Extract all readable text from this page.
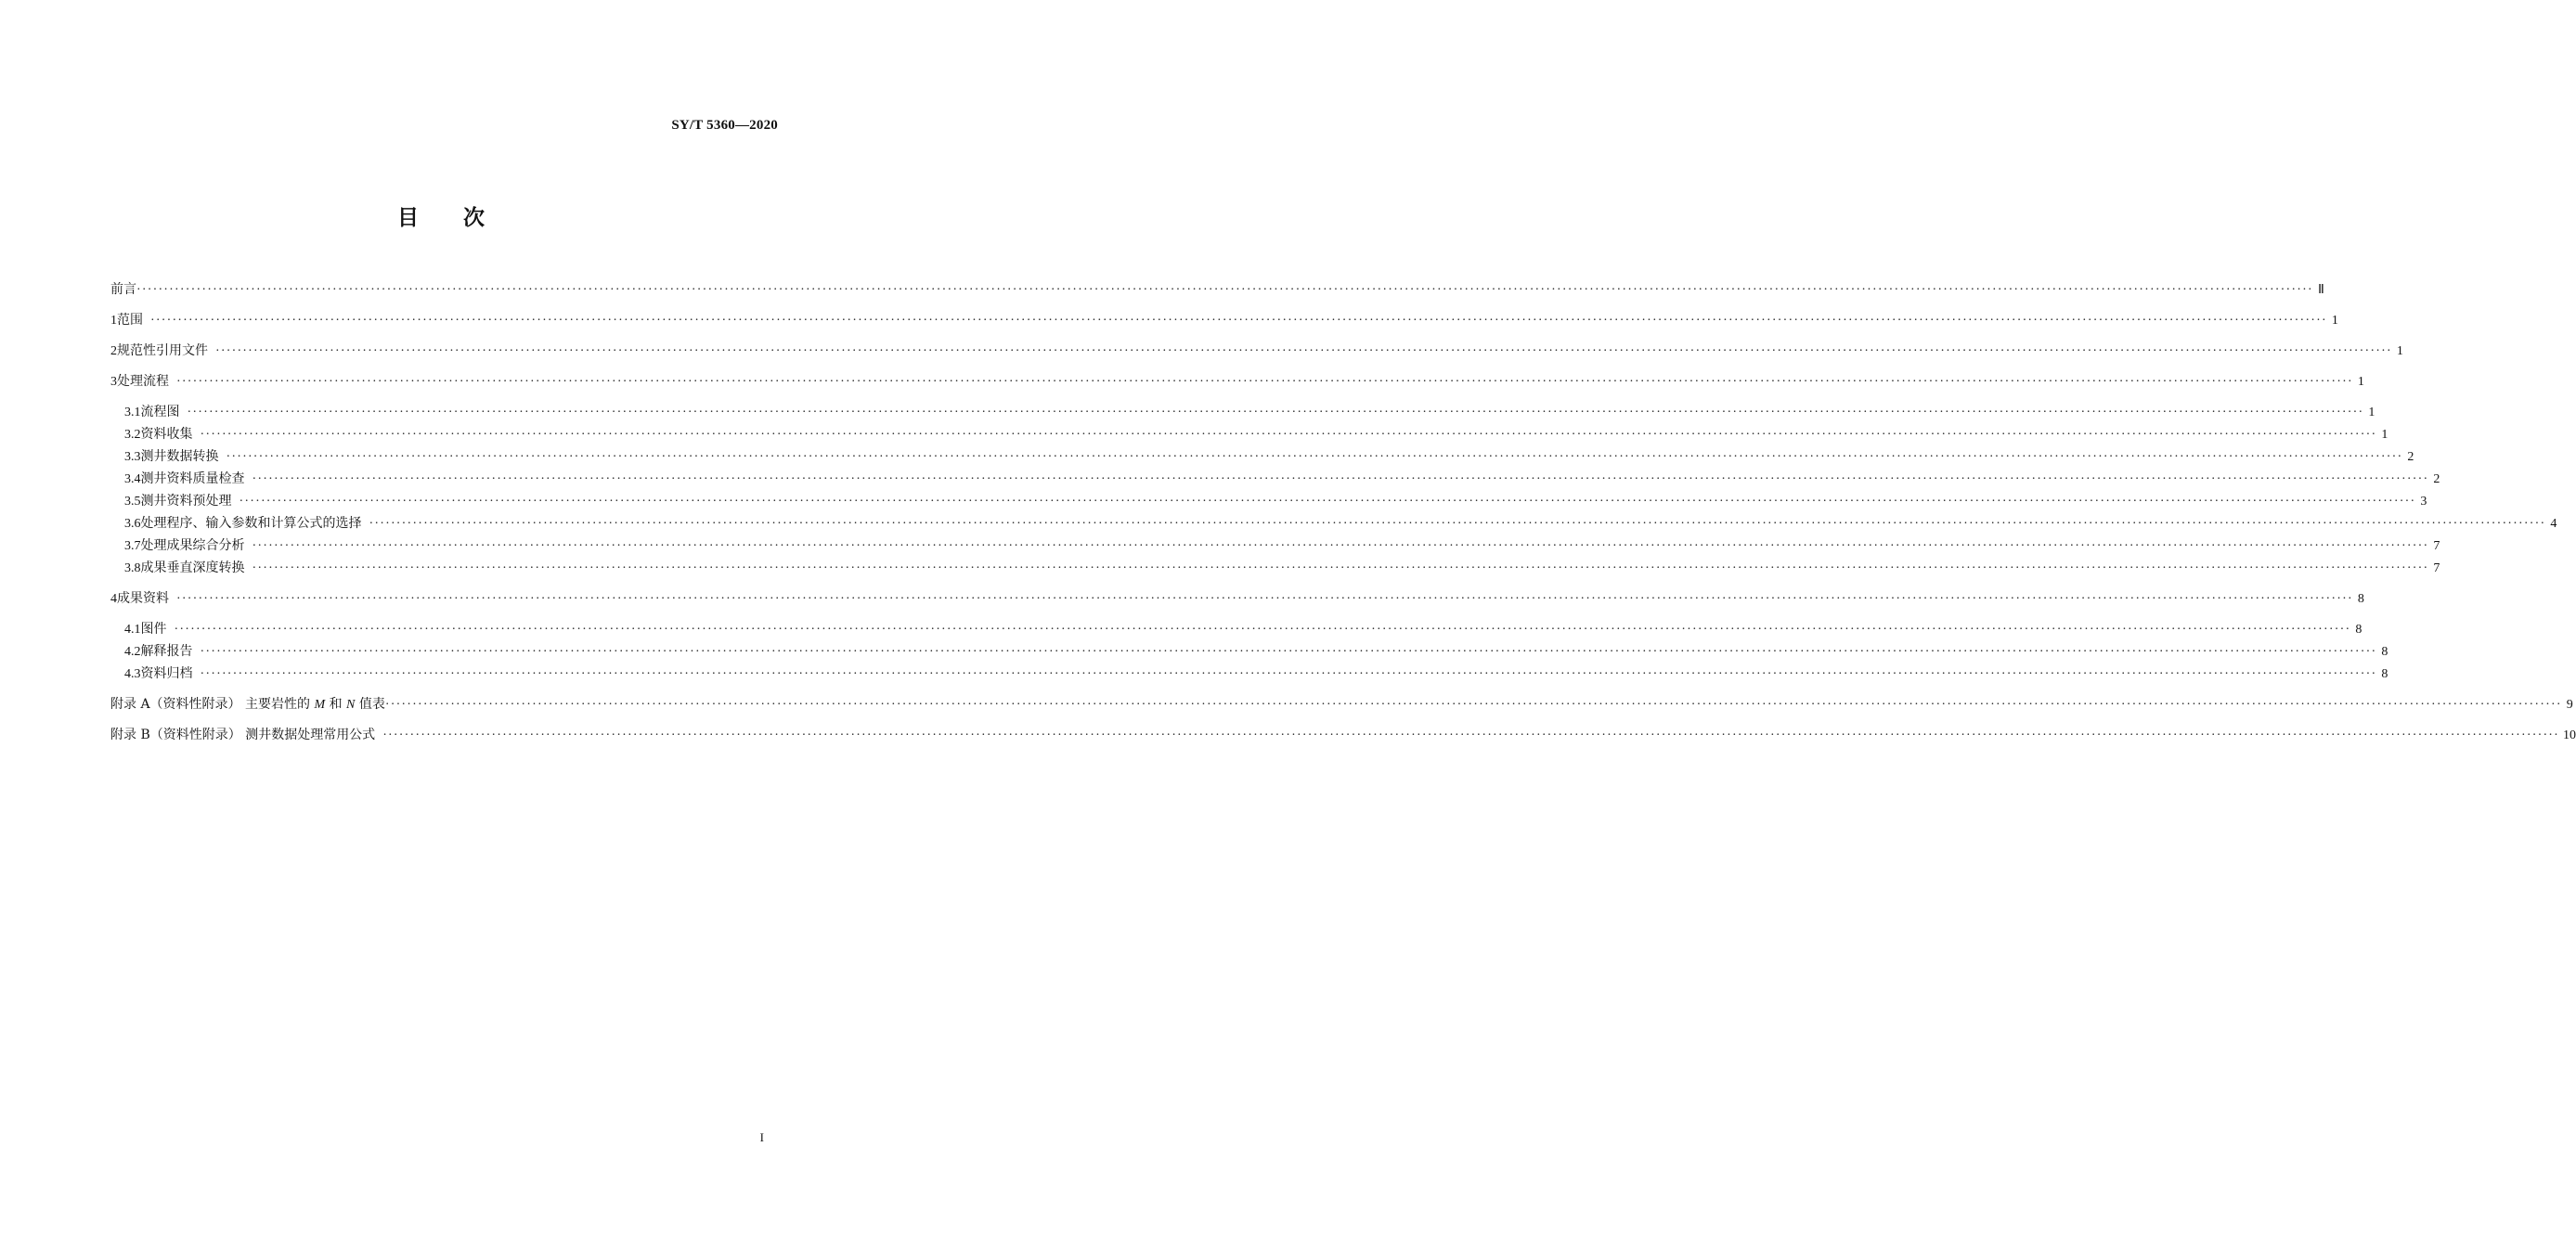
SY/T 5360—2020
目 次
前言 ················································································································································································································································································································································································································ Ⅱ
1 范围 ················································································································································································································································································································································································································ 1
2 规范性引用文件 ················································································································································································································································································································································································································ 1
3 处理流程 ················································································································································································································································································································································································································ 1
3.1 流程图 ················································································································································································································································································································································································································ 1
3.2 资料收集 ················································································································································································································································································································································································································ 1
3.3 测井数据转换 ················································································································································································································································································································································································································ 2
3.4 测井资料质量检查 ················································································································································································································································································································································································································ 2
3.5 测井资料预处理 ················································································································································································································································································································································································································ 3
3.6 处理程序、输入参数和计算公式的选择 ················································································································································································································································································································································································································ 4
3.7 处理成果综合分析 ················································································································································································································································································································································································································ 7
3.8 成果垂直深度转换 ················································································································································································································································································································································································································ 7
4 成果资料 ················································································································································································································································································································································································································ 8
4.1 图件 ················································································································································································································································································································································································································ 8
4.2 解释报告 ················································································································································································································································································································································································································ 8
4.3 资料归档 ················································································································································································································································································································································································································ 8
附录 A（资料性附录） 主要岩性的 M 和 N 值表 ················································································································································································································································································································································································································ 9
附录 B（资料性附录） 测井数据处理常用公式 ················································································································································································································································································································································································································ 10
I
